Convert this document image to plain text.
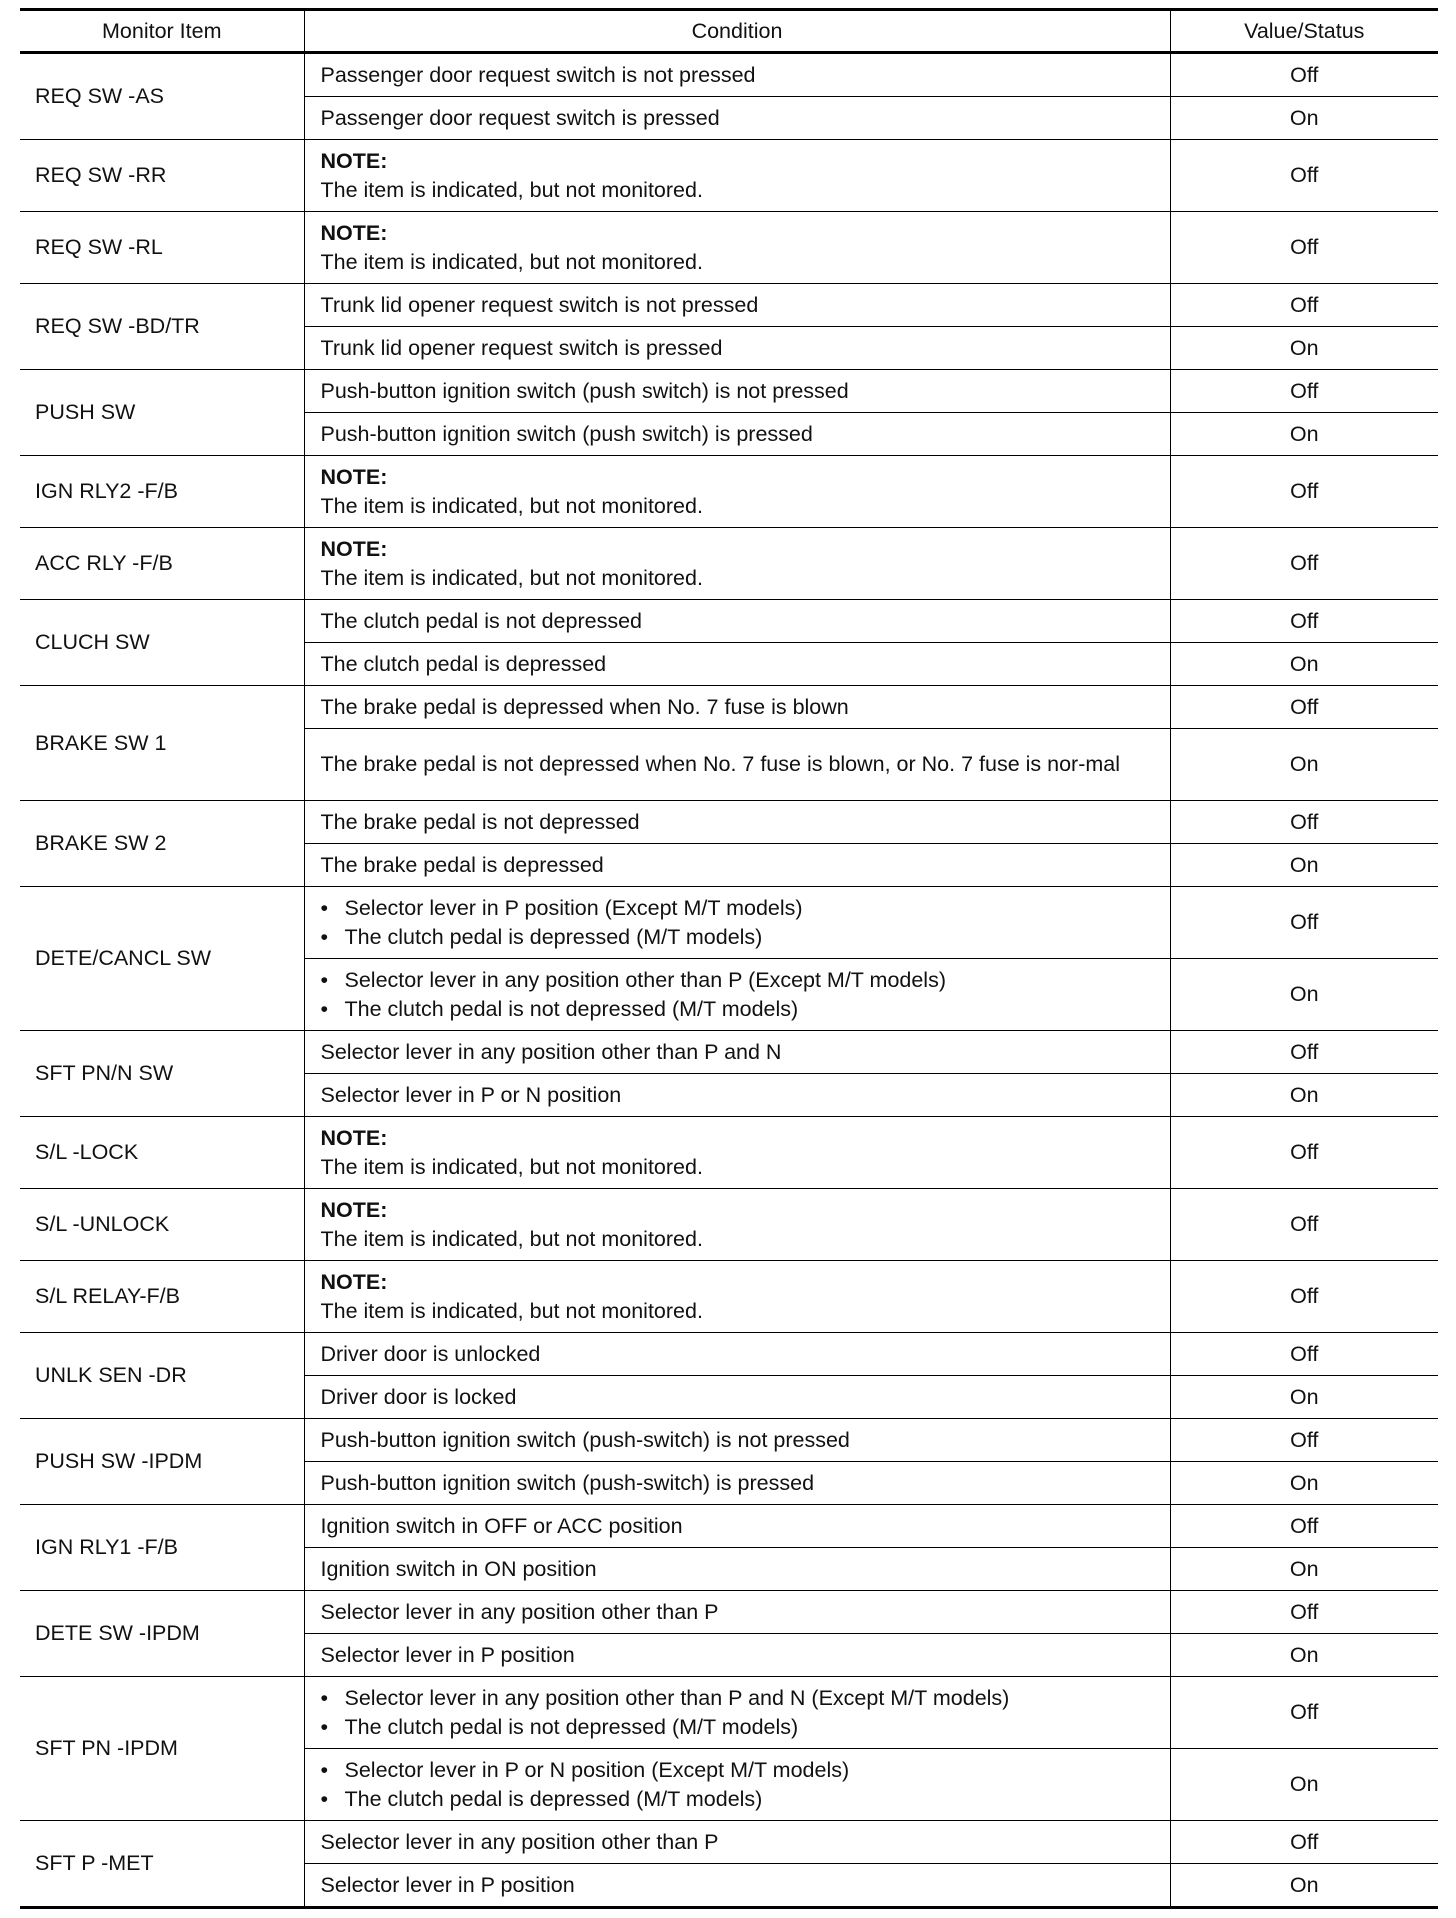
Monitor Item	Condition	Value/Status
REQ SW -AS	Passenger door request switch is not pressed	Off
	Passenger door request switch is pressed	On
REQ SW -RR	NOTE:
The item is indicated, but not monitored.	Off
REQ SW -RL	NOTE:
The item is indicated, but not monitored.	Off
REQ SW -BD/TR	Trunk lid opener request switch is not pressed	Off
	Trunk lid opener request switch is pressed	On
PUSH SW	Push-button ignition switch (push switch) is not pressed	Off
	Push-button ignition switch (push switch) is pressed	On
IGN RLY2 -F/B	NOTE:
The item is indicated, but not monitored.	Off
ACC RLY -F/B	NOTE:
The item is indicated, but not monitored.	Off
CLUCH SW	The clutch pedal is not depressed	Off
	The clutch pedal is depressed	On
BRAKE SW 1	The brake pedal is depressed when No. 7 fuse is blown	Off
	The brake pedal is not depressed when No. 7 fuse is blown, or No. 7 fuse is nor-mal	On
BRAKE SW 2	The brake pedal is not depressed	Off
	The brake pedal is depressed	On
DETE/CANCL SW	• Selector lever in P position (Except M/T models)
• The clutch pedal is depressed (M/T models)	Off

	• Selector lever in any position other than P (Except M/T models)
• The clutch pedal is not depressed (M/T models)	On
SFT PN/N SW	Selector lever in any position other than P and N	Off
	Selector lever in P or N position	On
S/L -LOCK	NOTE:
The item is indicated, but not monitored.	Off
S/L -UNLOCK	NOTE:
The item is indicated, but not monitored.	Off
S/L RELAY-F/B	NOTE:
The item is indicated, but not monitored.	Off
UNLK SEN -DR	Driver door is unlocked	Off
	Driver door is locked	On
PUSH SW -IPDM	Push-button ignition switch (push-switch) is not pressed	Off
	Push-button ignition switch (push-switch) is pressed	On
IGN RLY1 -F/B	Ignition switch in OFF or ACC position	Off
	Ignition switch in ON position	On
DETE SW -IPDM	Selector lever in any position other than P	Off
	Selector lever in P position	On
SFT PN -IPDM	• Selector lever in any position other than P and N (Except M/T models)
• The clutch pedal is not depressed (M/T models)	Off

	• Selector lever in P or N position (Except M/T models)
• The clutch pedal is depressed (M/T models)	On
SFT P -MET	Selector lever in any position other than P	Off
	Selector lever in P position	On
